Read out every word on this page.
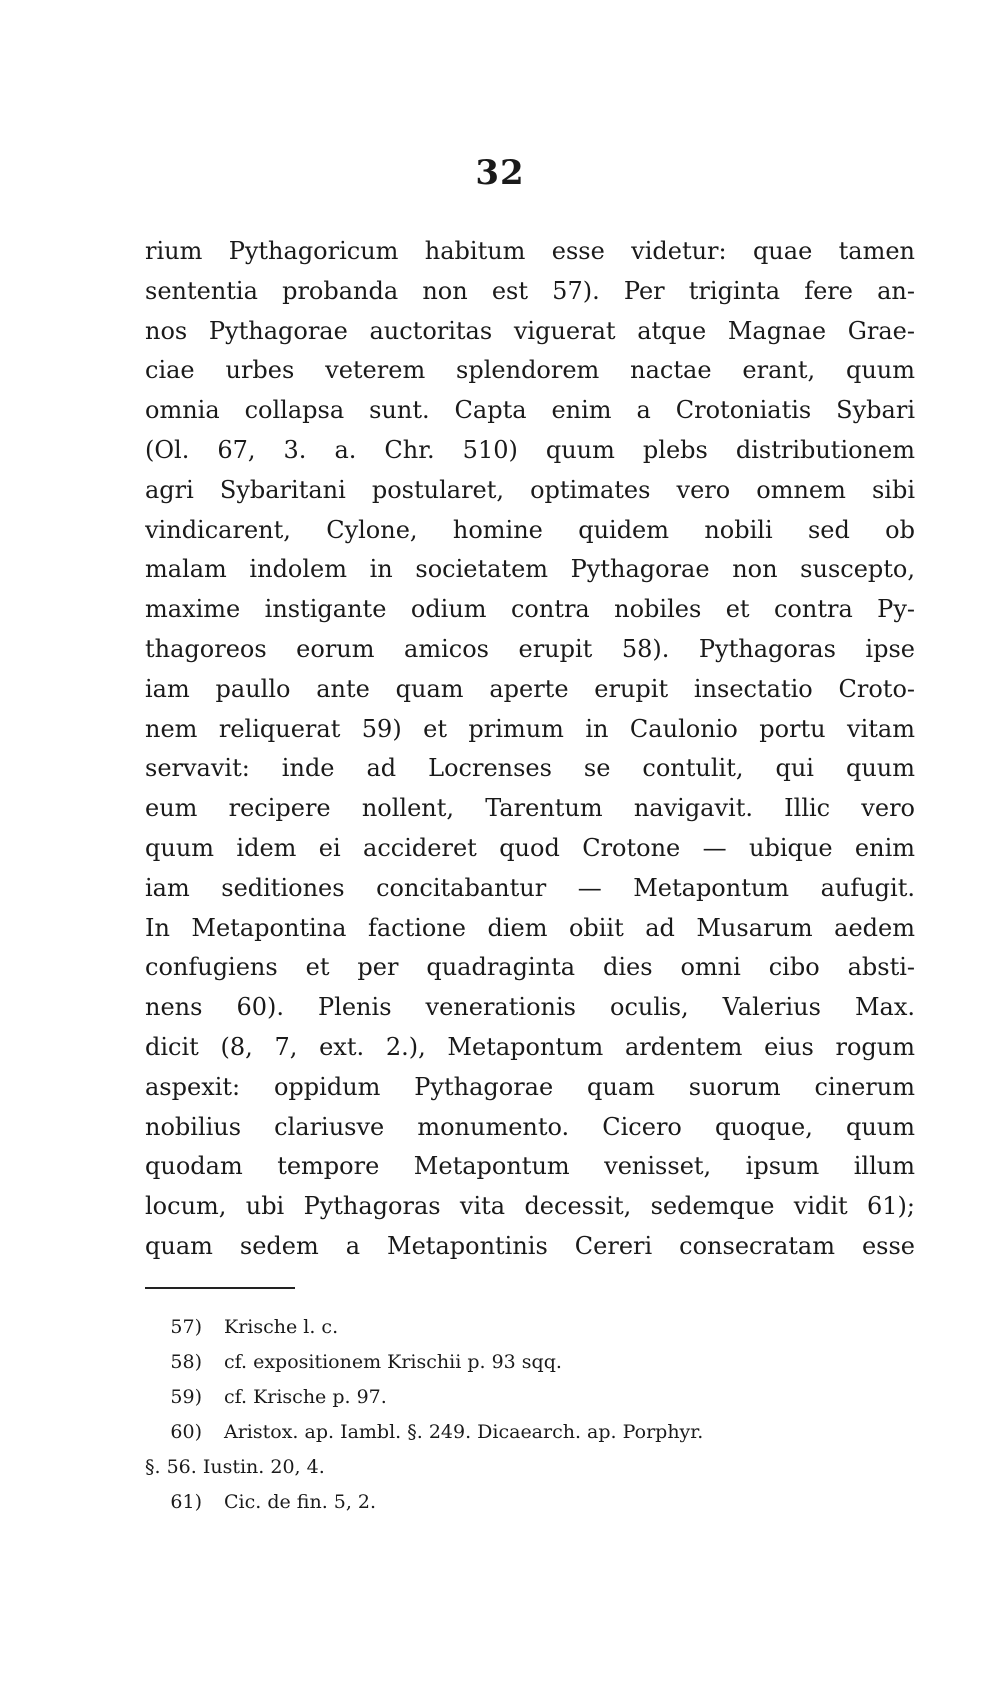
32
rium Pythagoricum habitum esse videtur: quae tamen
sententia probanda non est 57). Per triginta fere an-
nos Pythagorae auctoritas viguerat atque Magnae Grae-
ciae urbes veterem splendorem nactae erant, quum
omnia collapsa sunt. Capta enim a Crotoniatis Sybari
(Ol. 67, 3. a. Chr. 510) quum plebs distributionem
agri Sybaritani postularet, optimates vero omnem sibi
vindicarent, Cylone, homine quidem nobili sed ob
malam indolem in societatem Pythagorae non suscepto,
maxime instigante odium contra nobiles et contra Py-
thagoreos eorum amicos erupit 58). Pythagoras ipse
iam paullo ante quam aperte erupit insectatio Croto-
nem reliquerat 59) et primum in Caulonio portu vitam
servavit: inde ad Locrenses se contulit, qui quum
eum recipere nollent, Tarentum navigavit. Illic vero
quum idem ei accideret quod Crotone — ubique enim
iam seditiones concitabantur — Metapontum aufugit.
In Metapontina factione diem obiit ad Musarum aedem
confugiens et per quadraginta dies omni cibo absti-
nens 60). Plenis venerationis oculis, Valerius Max.
dicit (8, 7, ext. 2.), Metapontum ardentem eius rogum
aspexit: oppidum Pythagorae quam suorum cinerum
nobilius clariusve monumento. Cicero quoque, quum
quodam tempore Metapontum venisset, ipsum illum
locum, ubi Pythagoras vita decessit, sedemque vidit 61);
quam sedem a Metapontinis Cereri consecratam esse
57) Krische l. c.
58) cf. expositionem Krischii p. 93 sqq.
59) cf. Krische p. 97.
60) Aristox. ap. Iambl. §. 249. Dicaearch. ap. Porphyr.
§. 56. Iustin. 20, 4.
61) Cic. de fin. 5, 2.
